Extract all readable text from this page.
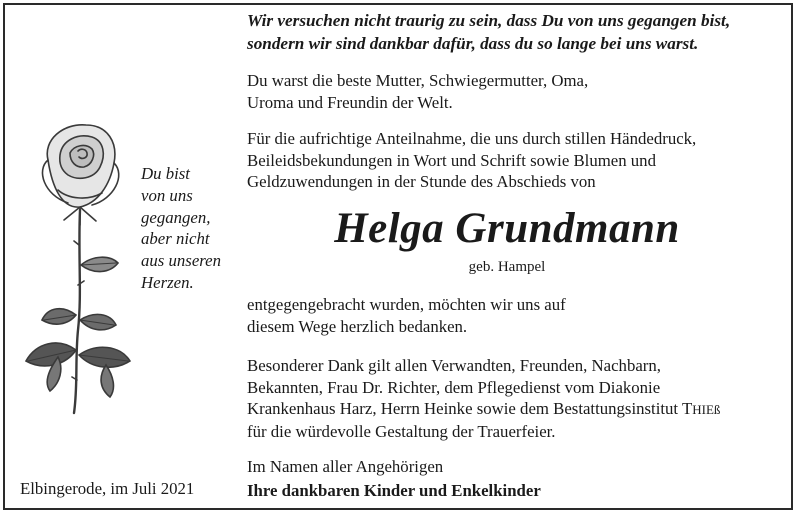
Wir versuchen nicht traurig zu sein, dass Du von uns gegangen bist,
sondern wir sind dankbar dafür, dass du so lange bei uns warst.

Du warst die beste Mutter, Schwiegermutter, Oma,
Uroma und Freundin der Welt.

Für die aufrichtige Anteilnahme, die uns durch stillen Händedruck,
Beileidsbekundungen in Wort und Schrift sowie Blumen und
Geldzuwendungen in der Stunde des Abschieds von

Du bist
von uns
gegangen,
aber nicht
aus unseren
Herzen.
Helga Grundmann
geb. Hampel

entgegengebracht wurden, möchten wir uns auf
diesem Wege herzlich bedanken.

Besonderer Dank gilt allen Verwandten, Freunden, Nachbarn,
Bekannten, Frau Dr. Richter, dem Pflegedienst vom Diakonie
Krankenhaus Harz, Herrn Heinke sowie dem Bestattungsinstitut THIEß
für die würdevolle Gestaltung der Trauerfeier.

Elbingerode, im Juli 2021
Im Namen aller Angehörigen
Ihre dankbaren Kinder und Enkelkinder
